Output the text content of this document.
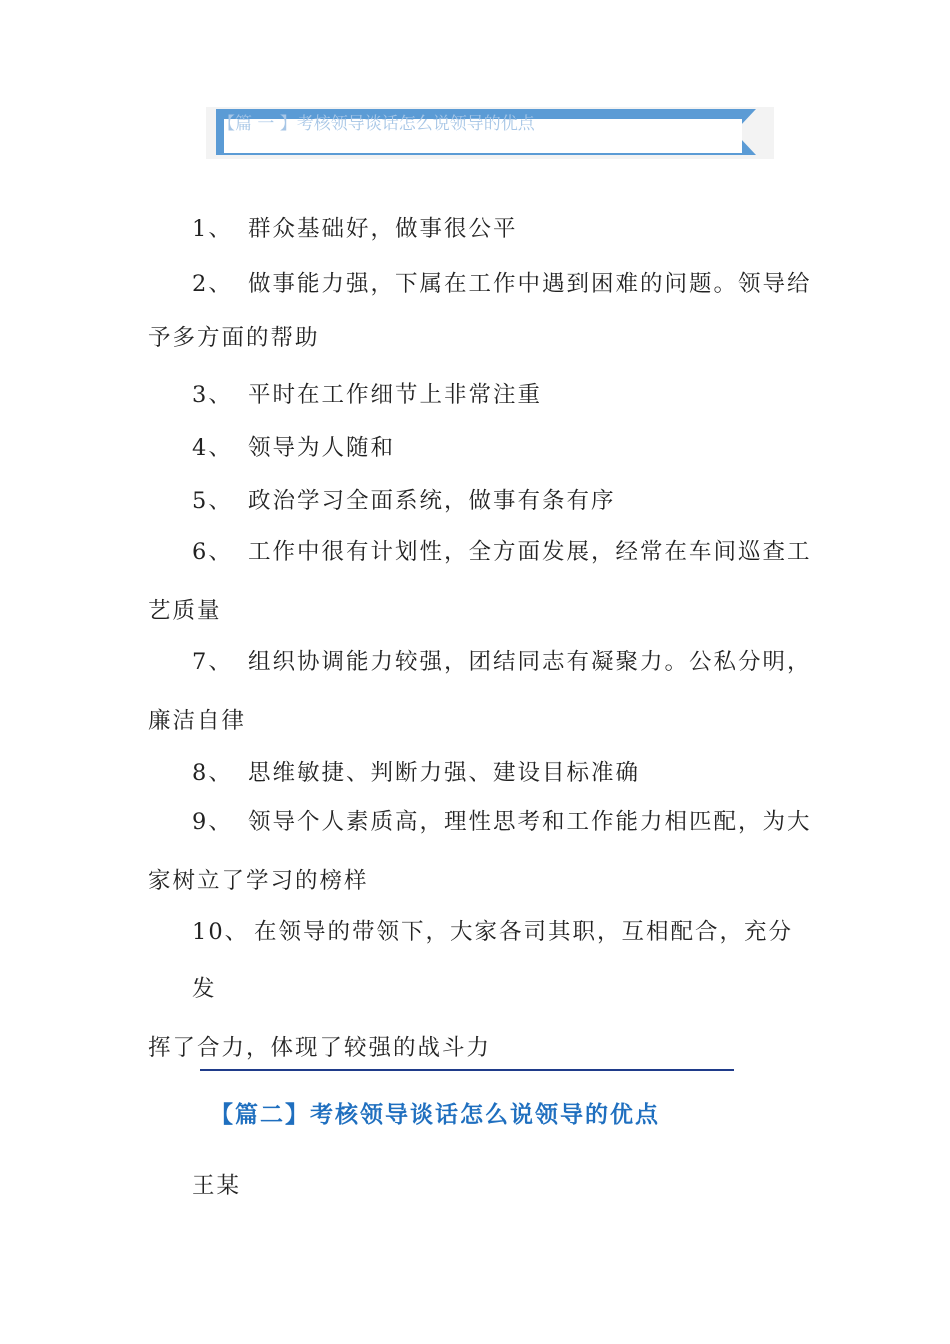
【篇 一 】考核领导谈话怎么说领导的优点
1、 群众基础好，做事很公平
2、 做事能力强，下属在工作中遇到困难的问题。领导给
予多方面的帮助
3、 平时在工作细节上非常注重
4、 领导为人随和
5、 政治学习全面系统，做事有条有序
6、 工作中很有计划性，全方面发展，经常在车间巡查工
艺质量
7、 组织协调能力较强，团结同志有凝聚力。公私分明，
廉洁自律
8、 思维敏捷、判断力强、建设目标准确
9、 领导个人素质高，理性思考和工作能力相匹配，为大
家树立了学习的榜样
10、 在领导的带领下，大家各司其职，互相配合，充分
发
挥了合力，体现了较强的战斗力
【篇二】考核领导谈话怎么说领导的优点
王某
